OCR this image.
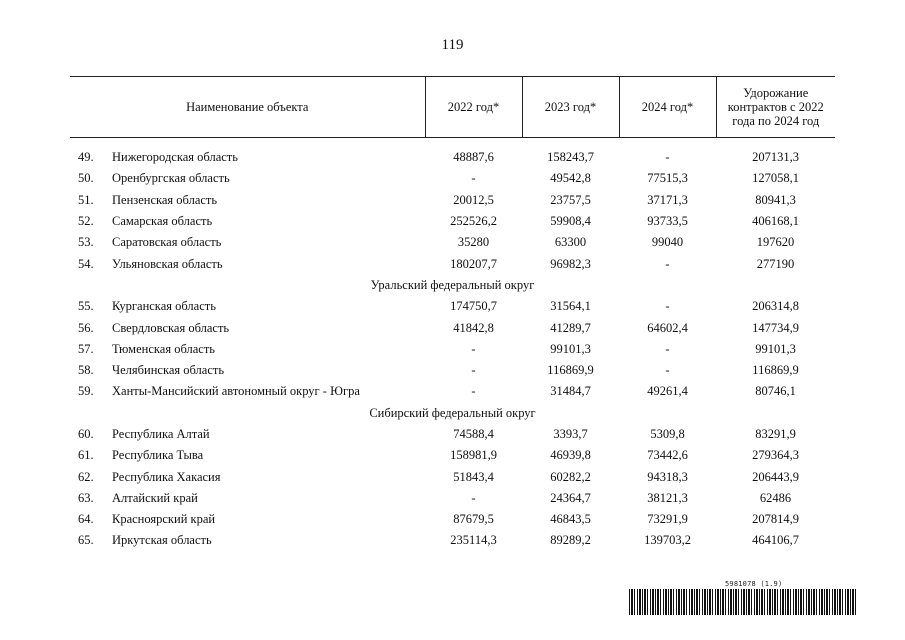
119
Наименование объекта		2022 год*	2023 год*	2024 год*	Удорожание контрактов с 2022 года по 2024 год

49.	Нижегородская область	48887,6	158243,7	-	207131,3
50.	Оренбургская область	-	49542,8	77515,3	127058,1
51.	Пензенская область	20012,5	23757,5	37171,3	80941,3
52.	Самарская область	252526,2	59908,4	93733,5	406168,1
53.	Саратовская область	35280	63300	99040	197620
54.	Ульяновская область	180207,7	96982,3	-	277190
Уральский федеральный округ					
55.	Курганская область	174750,7	31564,1	-	206314,8
56.	Свердловская область	41842,8	41289,7	64602,4	147734,9
57.	Тюменская область	-	99101,3	-	99101,3
58.	Челябинская область	-	116869,9	-	116869,9
59.	Ханты-Мансийский автономный округ - Югра	-	31484,7	49261,4	80746,1
Сибирский федеральный округ					
60.	Республика Алтай	74588,4	3393,7	5309,8	83291,9
61.	Республика Тыва	158981,9	46939,8	73442,6	279364,3
62.	Республика Хакасия	51843,4	60282,2	94318,3	206443,9
63.	Алтайский край	-	24364,7	38121,3	62486
64.	Красноярский край	87679,5	46843,5	73291,9	207814,9
65.	Иркутская область	235114,3	89289,2	139703,2	464106,7
5981078 (1.9)
